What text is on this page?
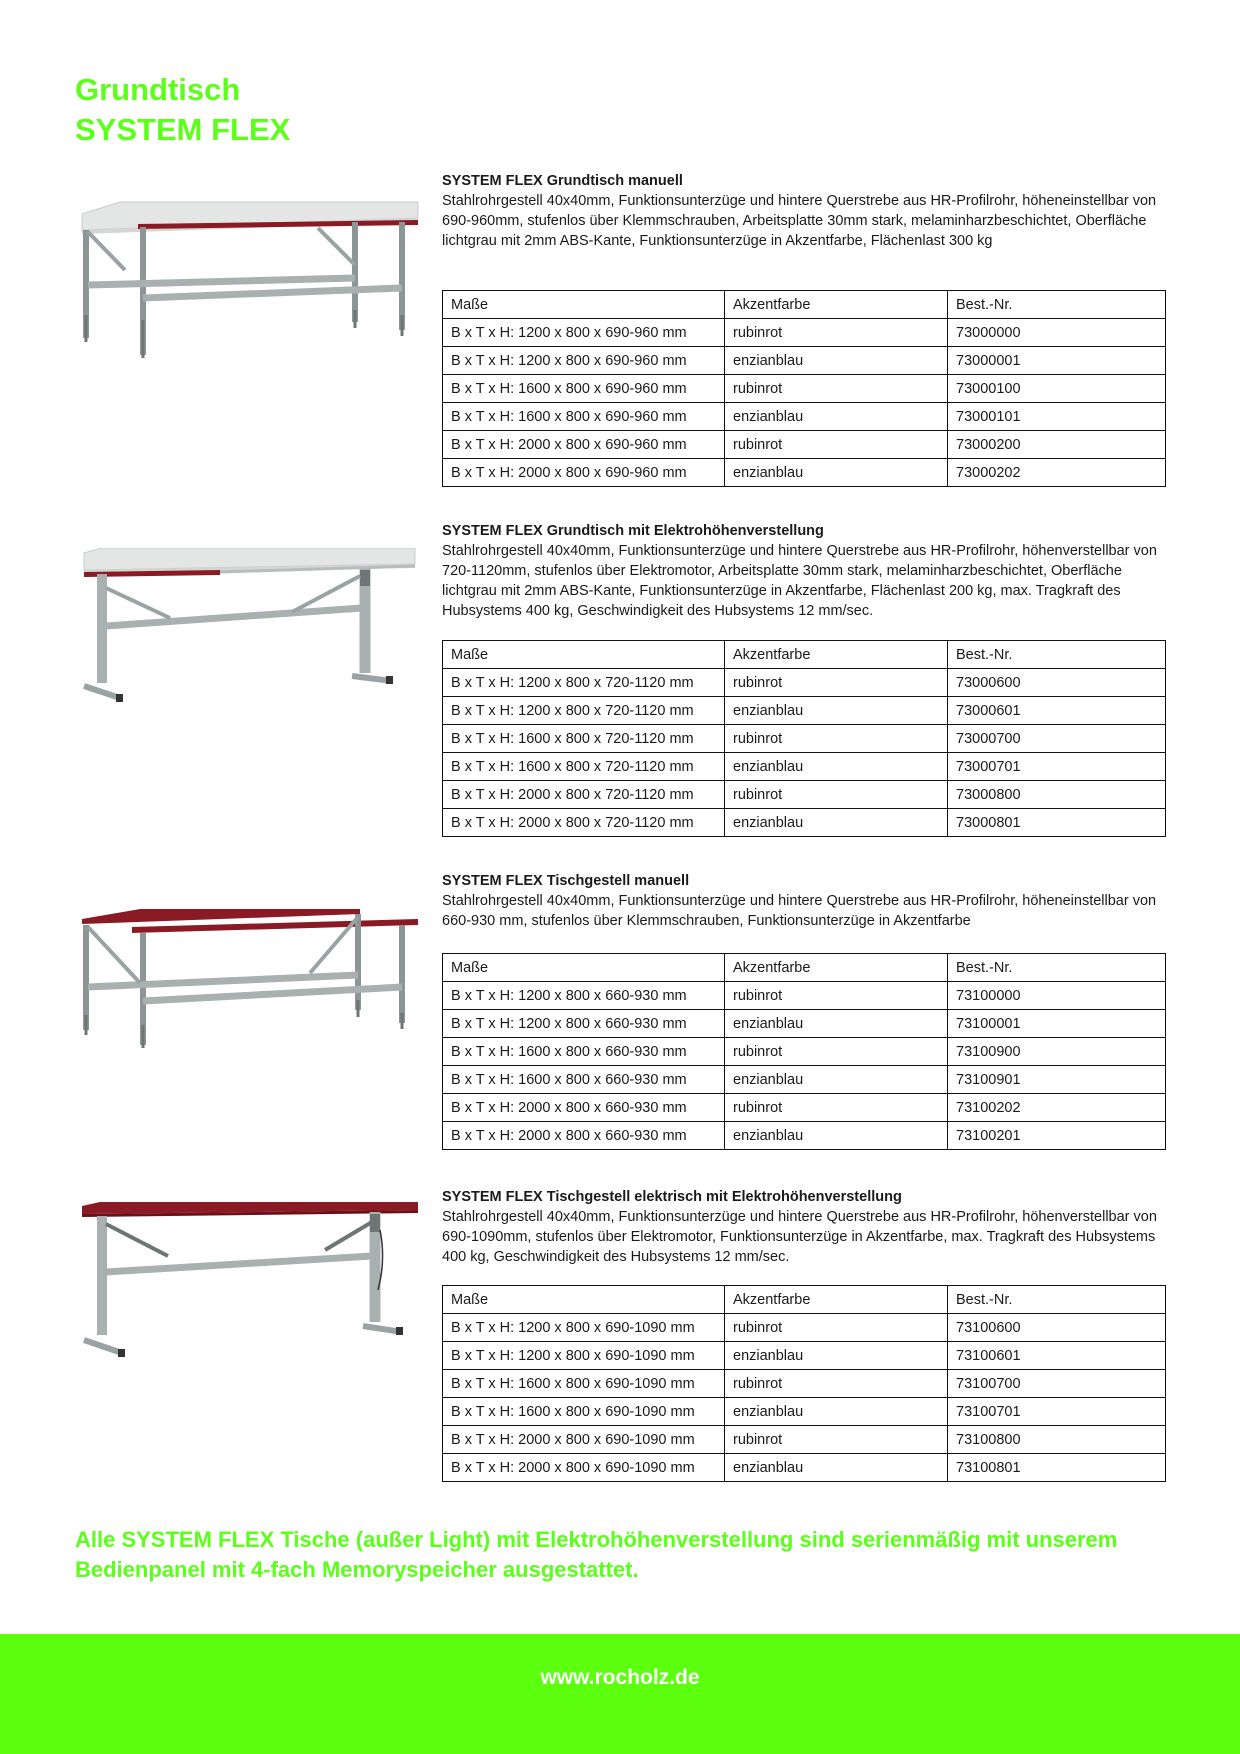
Grundtisch
SYSTEM FLEX

SYSTEM FLEX Grundtisch manuell

Stahlrohrgestell 40x40mm, Funktionsunterzüge und hintere Querstrebe aus HR-Profilrohr, höheneinstellbar von 690-960mm, stufenlos über Klemmschrauben, Arbeitsplatte 30mm stark, melaminharzbeschichtet, Oberfläche lichtgrau mit 2mm ABS-Kante, Funktionsunterzüge in Akzentfarbe, Flächenlast 300 kg

Maße	Akzentfarbe	Best.-Nr.
B x T x H: 1200 x 800 x 690-960 mm	rubinrot	73000000
B x T x H: 1200 x 800 x 690-960 mm	enzianblau	73000001
B x T x H: 1600 x 800 x 690-960 mm	rubinrot	73000100
B x T x H: 1600 x 800 x 690-960 mm	enzianblau	73000101
B x T x H: 2000 x 800 x 690-960 mm	rubinrot	73000200
B x T x H: 2000 x 800 x 690-960 mm	enzianblau	73000202

SYSTEM FLEX Grundtisch mit Elektrohöhenverstellung

Stahlrohrgestell 40x40mm, Funktionsunterzüge und hintere Querstrebe aus HR-Profilrohr, höhenverstellbar von 720-1120mm, stufenlos über Elektromotor, Arbeitsplatte 30mm stark, melaminharzbeschichtet, Oberfläche lichtgrau mit 2mm ABS-Kante, Funktionsunterzüge in Akzentfarbe, Flächenlast 200 kg, max. Tragkraft des Hubsystems 400 kg, Geschwindigkeit des Hubsystems 12 mm/sec.

Maße	Akzentfarbe	Best.-Nr.
B x T x H: 1200 x 800 x 720-1120 mm	rubinrot	73000600
B x T x H: 1200 x 800 x 720-1120 mm	enzianblau	73000601
B x T x H: 1600 x 800 x 720-1120 mm	rubinrot	73000700
B x T x H: 1600 x 800 x 720-1120 mm	enzianblau	73000701
B x T x H: 2000 x 800 x 720-1120 mm	rubinrot	73000800
B x T x H: 2000 x 800 x 720-1120 mm	enzianblau	73000801

SYSTEM FLEX Tischgestell manuell

Stahlrohrgestell 40x40mm, Funktionsunterzüge und hintere Querstrebe aus HR-Profilrohr, höheneinstellbar von 660-930 mm, stufenlos über Klemmschrauben, Funktionsunterzüge in Akzentfarbe

Maße	Akzentfarbe	Best.-Nr.
B x T x H: 1200 x 800 x 660-930 mm	rubinrot	73100000
B x T x H: 1200 x 800 x 660-930 mm	enzianblau	73100001
B x T x H: 1600 x 800 x 660-930 mm	rubinrot	73100900
B x T x H: 1600 x 800 x 660-930 mm	enzianblau	73100901
B x T x H: 2000 x 800 x 660-930 mm	rubinrot	73100202
B x T x H: 2000 x 800 x 660-930 mm	enzianblau	73100201

SYSTEM FLEX Tischgestell elektrisch mit Elektrohöhenverstellung

Stahlrohrgestell 40x40mm, Funktionsunterzüge und hintere Querstrebe aus HR-Profilrohr, höhenverstellbar von 690-1090mm, stufenlos über Elektromotor, Funktionsunterzüge in Akzentfarbe, max. Tragkraft des Hubsystems 400 kg, Geschwindigkeit des Hubsystems 12 mm/sec.

Maße	Akzentfarbe	Best.-Nr.
B x T x H: 1200 x 800 x 690-1090 mm	rubinrot	73100600
B x T x H: 1200 x 800 x 690-1090 mm	enzianblau	73100601
B x T x H: 1600 x 800 x 690-1090 mm	rubinrot	73100700
B x T x H: 1600 x 800 x 690-1090 mm	enzianblau	73100701
B x T x H: 2000 x 800 x 690-1090 mm	rubinrot	73100800
B x T x H: 2000 x 800 x 690-1090 mm	enzianblau	73100801

Alle SYSTEM FLEX Tische (außer Light) mit Elektrohöhenverstellung sind serienmäßig mit unserem Bedienpanel mit 4-fach Memoryspeicher ausgestattet.

www.rocholz.de
